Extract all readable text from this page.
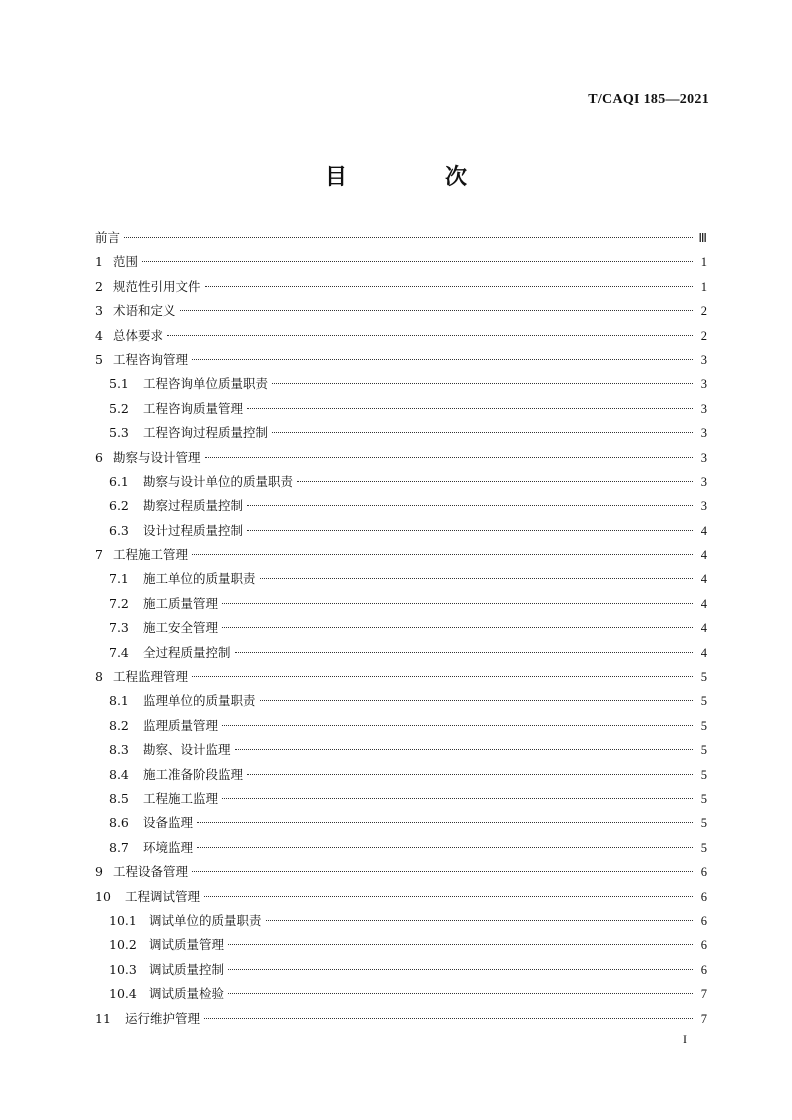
T/CAQI 185—2021
目　次
前言	Ⅲ
1 范围	1
2 规范性引用文件	1
3 术语和定义	2
4 总体要求	2
5 工程咨询管理	3
5.1	工程咨询单位质量职责	3
5.2	工程咨询质量管理	3
5.3	工程咨询过程质量控制	3
6 勘察与设计管理	3
6.1	勘察与设计单位的质量职责	3
6.2	勘察过程质量控制	3
6.3	设计过程质量控制	4
7 工程施工管理	4
7.1	施工单位的质量职责	4
7.2	施工质量管理	4
7.3	施工安全管理	4
7.4	全过程质量控制	4
8 工程监理管理	5
8.1	监理单位的质量职责	5
8.2	监理质量管理	5
8.3	勘察、设计监理	5
8.4	施工准备阶段监理	5
8.5	工程施工监理	5
8.6	设备监理	5
8.7	环境监理	5
9 工程设备管理	6
10	工程调试管理	6
10.1 调试单位的质量职责	6
10.2 调试质量管理	6
10.3 调试质量控制	6
10.4 调试质量检验	7
11	运行维护管理	7
I
